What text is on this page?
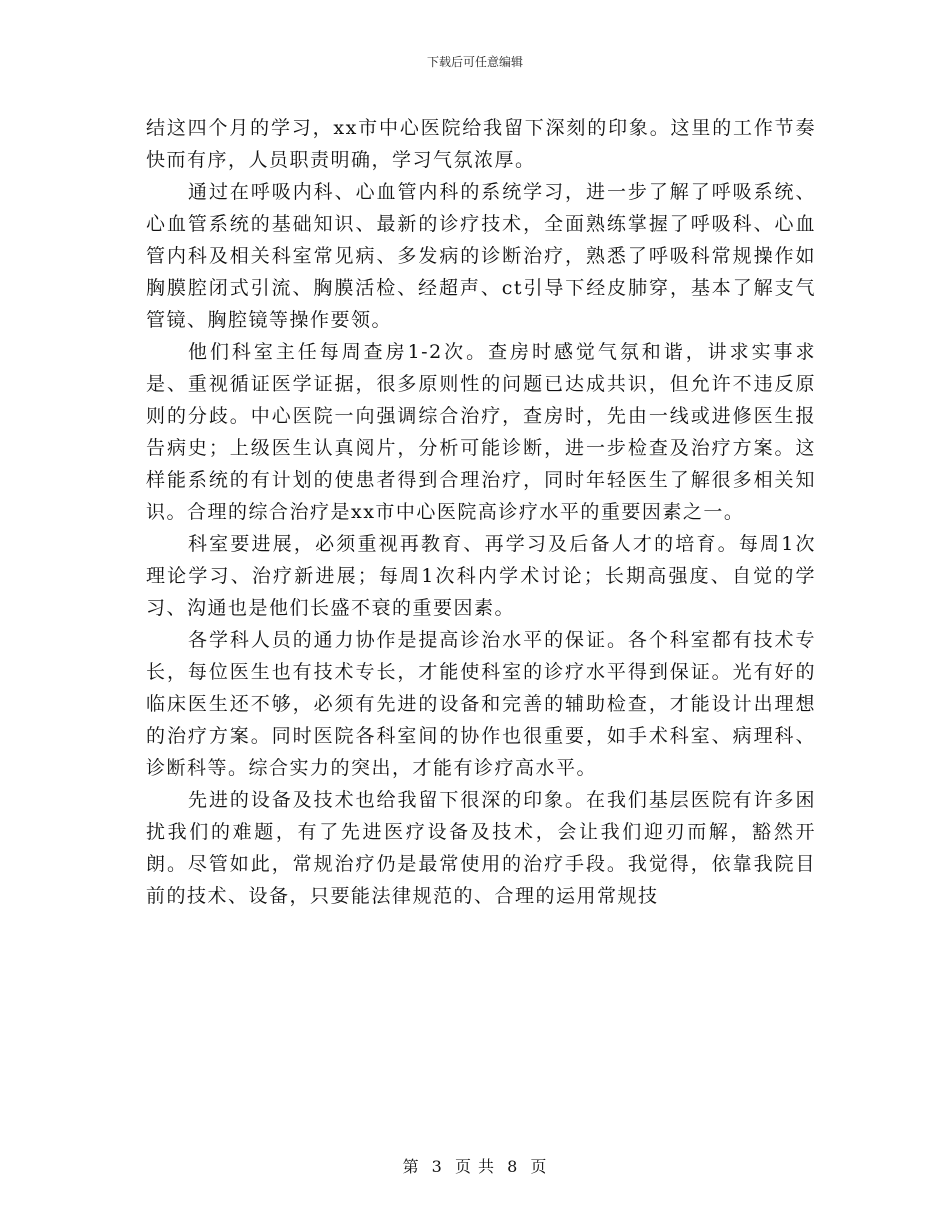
下载后可任意编辑

结这四个月的学习，xx市中心医院给我留下深刻的印象。这里的工作节奏快而有序，人员职责明确，学习气氛浓厚。

通过在呼吸内科、心血管内科的系统学习，进一步了解了呼吸系统、心血管系统的基础知识、最新的诊疗技术，全面熟练掌握了呼吸科、心血管内科及相关科室常见病、多发病的诊断治疗，熟悉了呼吸科常规操作如胸膜腔闭式引流、胸膜活检、经超声、ct引导下经皮肺穿，基本了解支气管镜、胸腔镜等操作要领。

他们科室主任每周查房1-2次。查房时感觉气氛和谐，讲求实事求是、重视循证医学证据，很多原则性的问题已达成共识，但允许不违反原则的分歧。中心医院一向强调综合治疗，查房时，先由一线或进修医生报告病史；上级医生认真阅片，分析可能诊断，进一步检查及治疗方案。这样能系统的有计划的使患者得到合理治疗，同时年轻医生了解很多相关知识。合理的综合治疗是xx市中心医院高诊疗水平的重要因素之一。

科室要进展，必须重视再教育、再学习及后备人才的培育。每周1次理论学习、治疗新进展；每周1次科内学术讨论；长期高强度、自觉的学习、沟通也是他们长盛不衰的重要因素。

各学科人员的通力协作是提高诊治水平的保证。各个科室都有技术专长，每位医生也有技术专长，才能使科室的诊疗水平得到保证。光有好的临床医生还不够，必须有先进的设备和完善的辅助检查，才能设计出理想的治疗方案。同时医院各科室间的协作也很重要，如手术科室、病理科、诊断科等。综合实力的突出，才能有诊疗高水平。

先进的设备及技术也给我留下很深的印象。在我们基层医院有许多困扰我们的难题，有了先进医疗设备及技术，会让我们迎刃而解，豁然开朗。尽管如此，常规治疗仍是最常使用的治疗手段。我觉得，依靠我院目前的技术、设备，只要能法律规范的、合理的运用常规技

第 3 页 共 8 页
